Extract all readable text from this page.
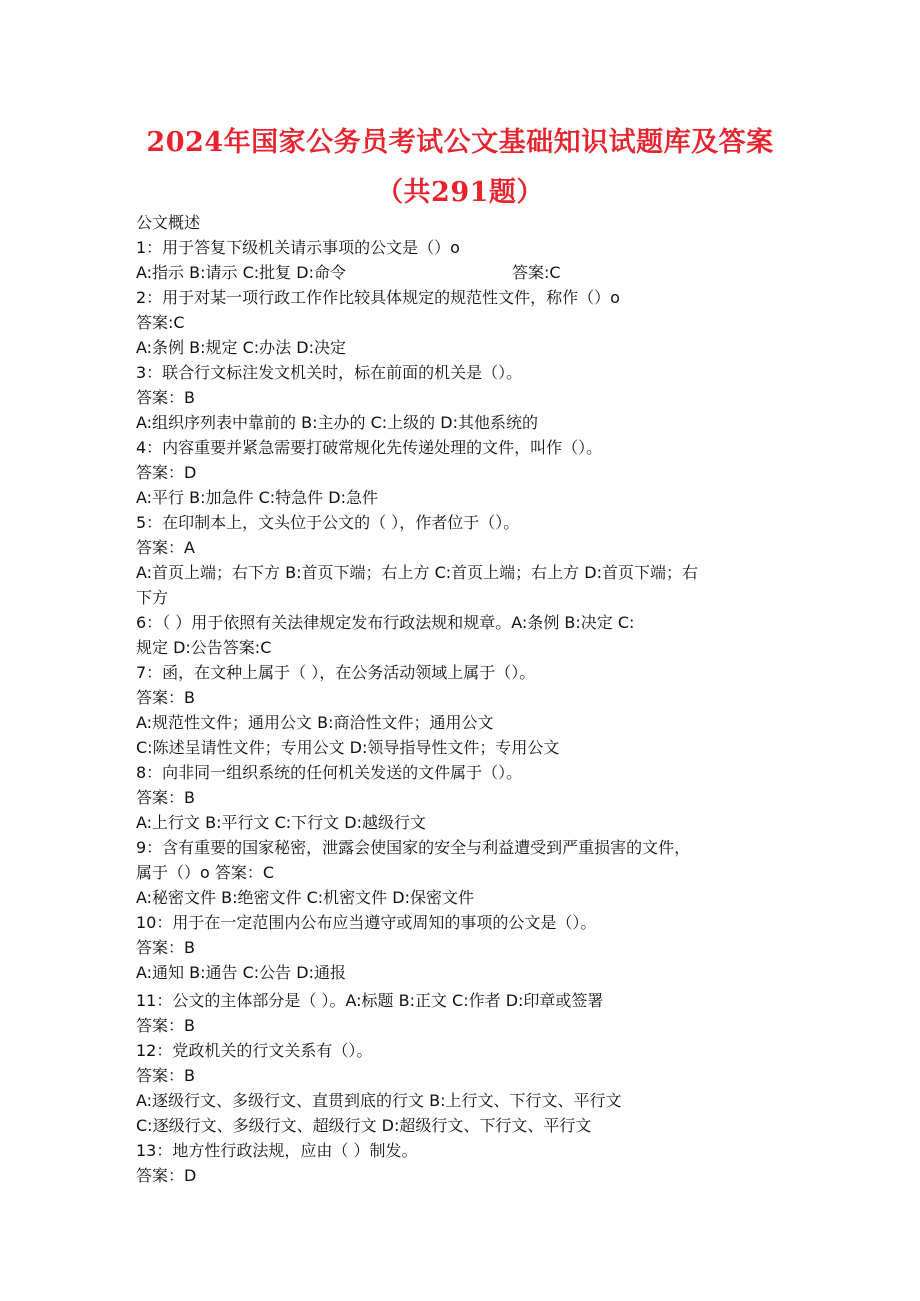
2024年国家公务员考试公文基础知识试题库及答案
（共291题）
公文概述
1：用于答复下级机关请示事项的公文是（）o
A:指示 B:请示 C:批复 D:命令	答案:C
2：用于对某一项行政工作作比较具体规定的规范性文件，称作（）o
答案:C
A:条例 B:规定 C:办法 D:决定
3：联合行文标注发文机关时，标在前面的机关是（）。
答案：B
A:组织序列表中靠前的 B:主办的 C:上级的 D:其他系统的
4：内容重要并紧急需要打破常规化先传递处理的文件，叫作（）。
答案：D
A:平行 B:加急件 C:特急件 D:急件
5：在印制本上，文头位于公文的（ ），作者位于（）。
答案：A
A:首页上端；右下方 B:首页下端；右上方 C:首页上端；右上方 D:首页下端；右
下方
6：（ ）用于依照有关法律规定发布行政法规和规章。A:条例 B:决定 C:
规定 D:公告答案:C
7：函，在文种上属于（ ），在公务活动领域上属于（）。
答案：B
A:规范性文件；通用公文 B:商洽性文件；通用公文
C:陈述呈请性文件；专用公文 D:领导指导性文件；专用公文
8：向非同一组织系统的任何机关发送的文件属于（）。
答案：B
A:上行文 B:平行文 C:下行文 D:越级行文
9：含有重要的国家秘密，泄露会使国家的安全与利益遭受到严重损害的文件，
属于（）o 答案：C
A:秘密文件 B:绝密文件 C:机密文件 D:保密文件
10：用于在一定范围内公布应当遵守或周知的事项的公文是（）。
答案：B
A:通知 B:通告 C:公告 D:通报
11：公文的主体部分是（ ）。A:标题 B:正文 C:作者 D:印章或签署
答案：B
12：党政机关的行文关系有（）。
答案：B
A:逐级行文、多级行文、直贯到底的行文 B:上行文、下行文、平行文
C:逐级行文、多级行文、超级行文 D:超级行文、下行文、平行文
13：地方性行政法规，应由（ ）制发。
答案：D
